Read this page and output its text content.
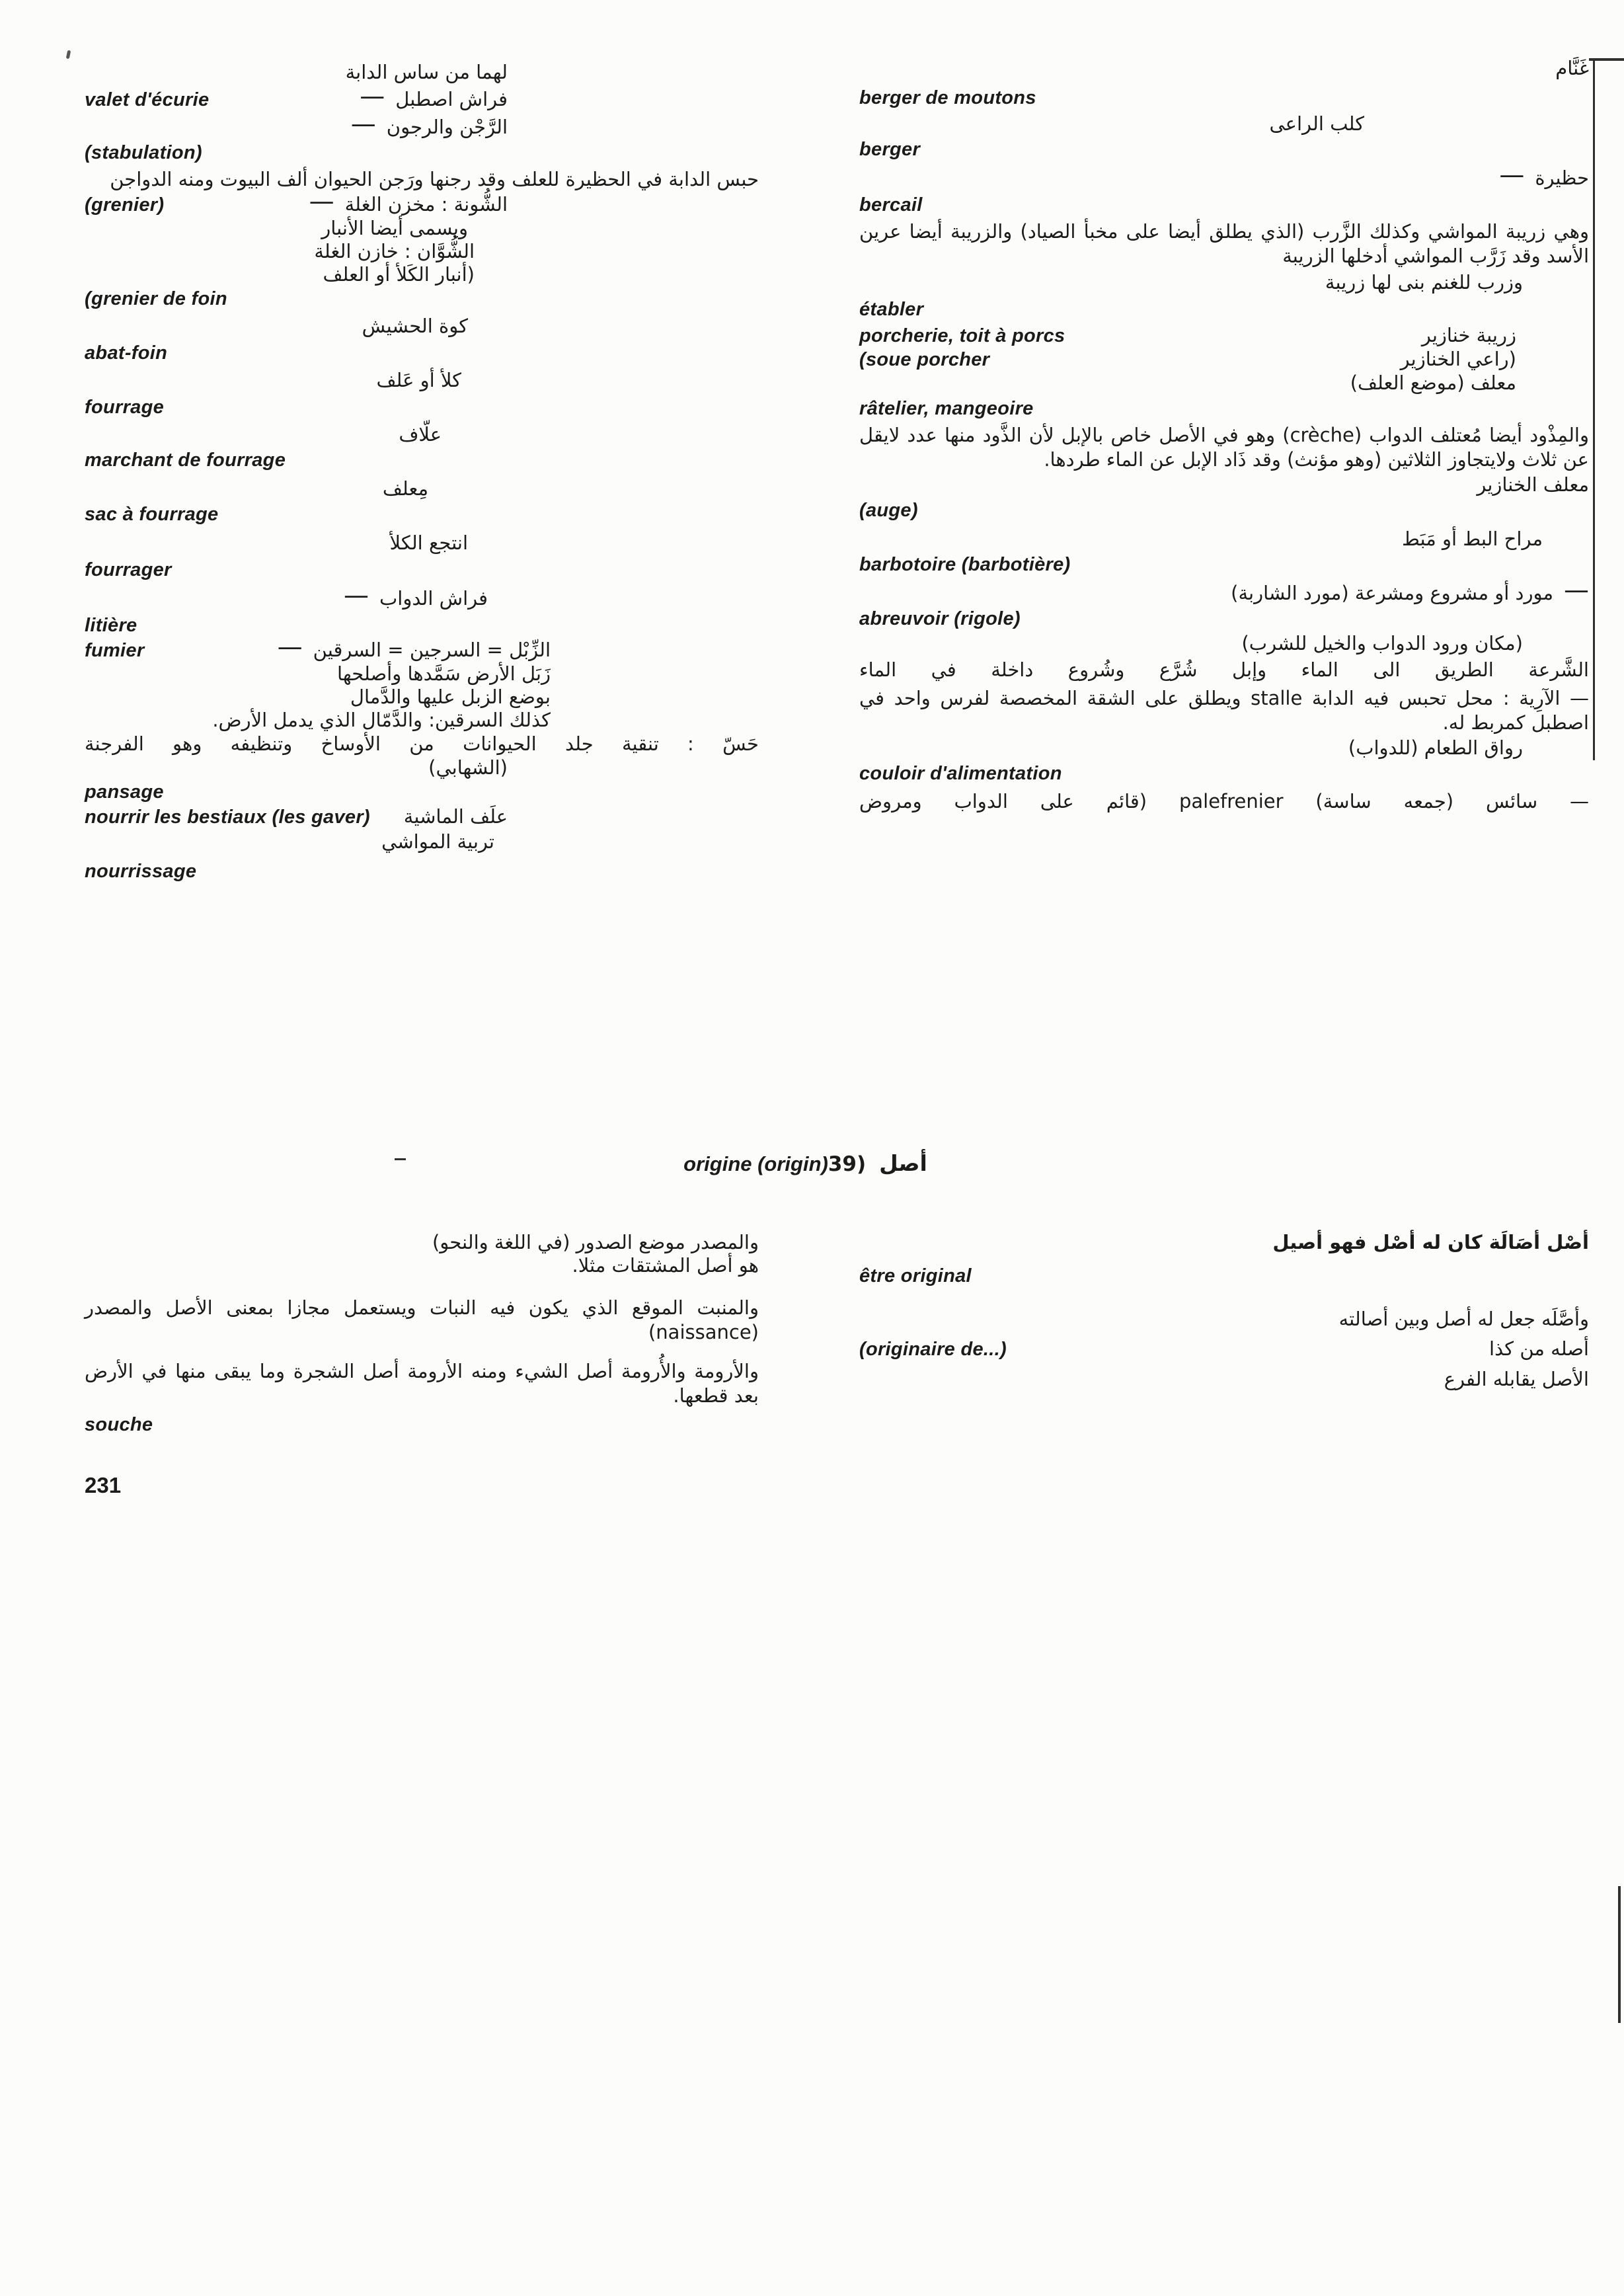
لهما من ساس الدابة
valet d'écurie	— فراش اصطبل
— الرَّجْن والرجون
(stabulation)
حبس الدابة في الحظيرة للعلف وقد رجنها ورَجن الحيوان ألف البيوت ومنه الدواجن
(grenier)	— الشُّونة : مخزن الغلة
ويسمى أيضا الأنبار
الشُّوَّان : خازن الغلة
(أنبار الكَلأ أو العلف
(grenier de foin
كوة الحشيش
abat-foin
كلأ أو عَلف
fourrage
علّاف
marchant de fourrage
مِعلف
sac à fourrage
انتجع الكلأ
fourrager
— فراش الدواب
litière
fumier	— الزِّبْل = السرجين = السرقين
زَبَل الأرض سَمَّدها وأصلحها
بوضع الزبل عليها والدَّمال
كذلك السرقين: والدَّمّال الذي يدمل الأرض.
حَسّ : تنقية جلد الحيوانات من الأوساخ وتنظيفه وهو الفرجنة
(الشهابي)
pansage
nourrir les bestiaux (les gaver) علَف الماشية
تربية المواشي
nourrissage
غَنَّام
berger de moutons
كلب الراعى
berger
— حظيرة
bercail
وهي زريبة المواشي وكذلك الزَّرب (الذي يطلق أيضا على مخبأ الصياد) والزريبة أيضا عرين الأسد وقد زَرَّب المواشي أدخلها الزريبة
وزرب للغنم بنى لها زريبة
établer
porcherie, toit à porcs	زريبة خنازير
(soue porcher	(راعي الخنازير
معلف (موضع العلف)
râtelier, mangeoire
والمِذْود أيضا مُعتلف الدواب (crèche) وهو في الأصل خاص بالإبل لأن الذَّود منها عدد لايقل عن ثلاث ولايتجاوز الثلاثين (وهو مؤنث) وقد ذَاد الإبل عن الماء طردها.
معلف الخنازير
(auge)
مراح البط أو مَبَط
barbotoire (barbotière)
مورد أو مشروع ومشرعة (مورد الشاربة) —
abreuvoir (rigole)
(مكان ورود الدواب والخيل للشرب)
الشَّرعة الطريق الى الماء وإبل شُرَّع وشُروع داخلة في الماء
— الآرِية : محل تحبس فيه الدابة stalle ويطلق على الشقة المخصصة لفرس واحد في اصطبل كمربط له.
رواق الطعام (للدواب)
couloir d'alimentation
— سائس (جمعه ساسة) palefrenier (قائم على الدواب ومروض
origine (origin) أصل(39
والمصدر موضع الصدور (في اللغة والنحو)
هو أصل المشتقات مثلا.
والمنبت الموقع الذي يكون فيه النبات ويستعمل مجازا بمعنى الأصل والمصدر (naissance)
والأرومة والأُرومة أصل الشيء ومنه الأرومة أصل الشجرة وما يبقى منها في الأرض بعد قطعها.
souche
أصْل أصَالَة كان له أصْل فهو أصيل
être original
وأصَّلَه جعل له أصل وبين أصالته
(originaire de...)	أصله من كذا
الأصل يقابله الفرع
231
